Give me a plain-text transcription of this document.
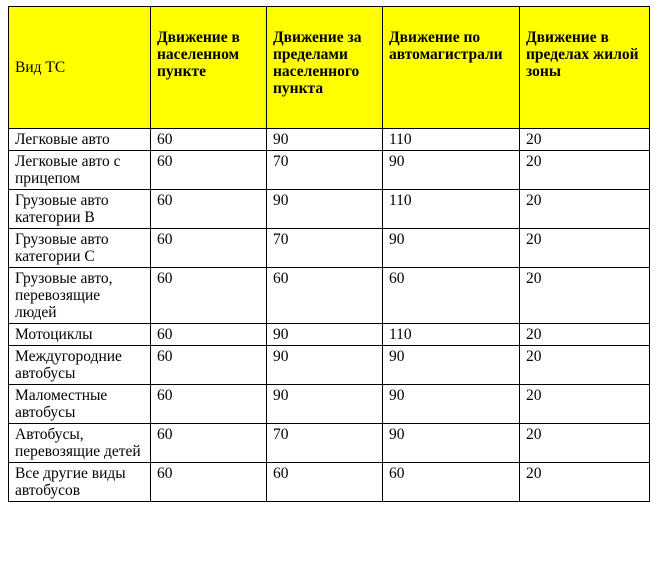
Вид ТС	Движение в населенном пункте	Движение за пределами населенного пункта	Движение по автомагистрали	Движение в пределах жилой зоны
Легковые авто	60	90	110	20
Легковые авто с прицепом	60	70	90	20
Грузовые авто категории В	60	90	110	20
Грузовые авто категории С	60	70	90	20
Грузовые авто, перевозящие людей	60	60	60	20
Мотоциклы	60	90	110	20
Междугородние автобусы	60	90	90	20
Маломестные автобусы	60	90	90	20
Автобусы, перевозящие детей	60	70	90	20
Все другие виды автобусов	60	60	60	20
